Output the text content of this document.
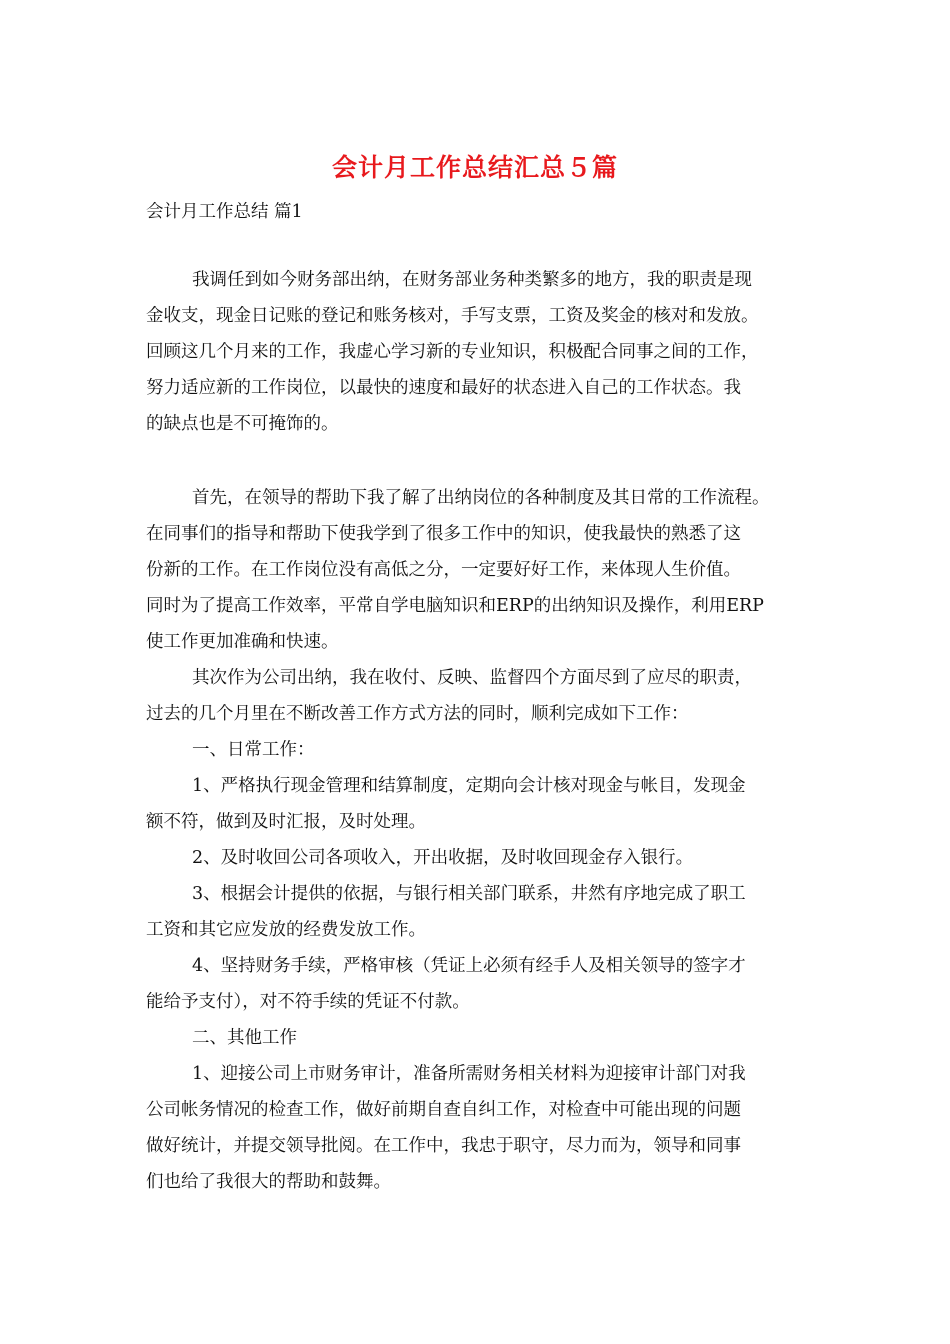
会计月工作总结汇总５篇
会计月工作总结 篇1
我调任到如今财务部出纳，在财务部业务种类繁多的地方，我的职责是现
金收支，现金日记账的登记和账务核对，手写支票，工资及奖金的核对和发放。
回顾这几个月来的工作，我虚心学习新的专业知识，积极配合同事之间的工作，
努力适应新的工作岗位，以最快的速度和最好的状态进入自己的工作状态。我
的缺点也是不可掩饰的。
首先，在领导的帮助下我了解了出纳岗位的各种制度及其日常的工作流程。
在同事们的指导和帮助下使我学到了很多工作中的知识，使我最快的熟悉了这
份新的工作。在工作岗位没有高低之分，一定要好好工作，来体现人生价值。
同时为了提高工作效率，平常自学电脑知识和ERP的出纳知识及操作，利用ERP
使工作更加准确和快速。
其次作为公司出纳，我在收付、反映、监督四个方面尽到了应尽的职责，
过去的几个月里在不断改善工作方式方法的同时，顺利完成如下工作：
一、日常工作：
1、严格执行现金管理和结算制度，定期向会计核对现金与帐目，发现金
额不符，做到及时汇报，及时处理。
2、及时收回公司各项收入，开出收据，及时收回现金存入银行。
3、根据会计提供的依据，与银行相关部门联系，井然有序地完成了职工
工资和其它应发放的经费发放工作。
4、坚持财务手续，严格审核（凭证上必须有经手人及相关领导的签字才
能给予支付），对不符手续的凭证不付款。
二、其他工作
1、迎接公司上市财务审计，准备所需财务相关材料为迎接审计部门对我
公司帐务情况的检查工作，做好前期自查自纠工作，对检查中可能出现的问题
做好统计，并提交领导批阅。在工作中，我忠于职守，尽力而为，领导和同事
们也给了我很大的帮助和鼓舞。
